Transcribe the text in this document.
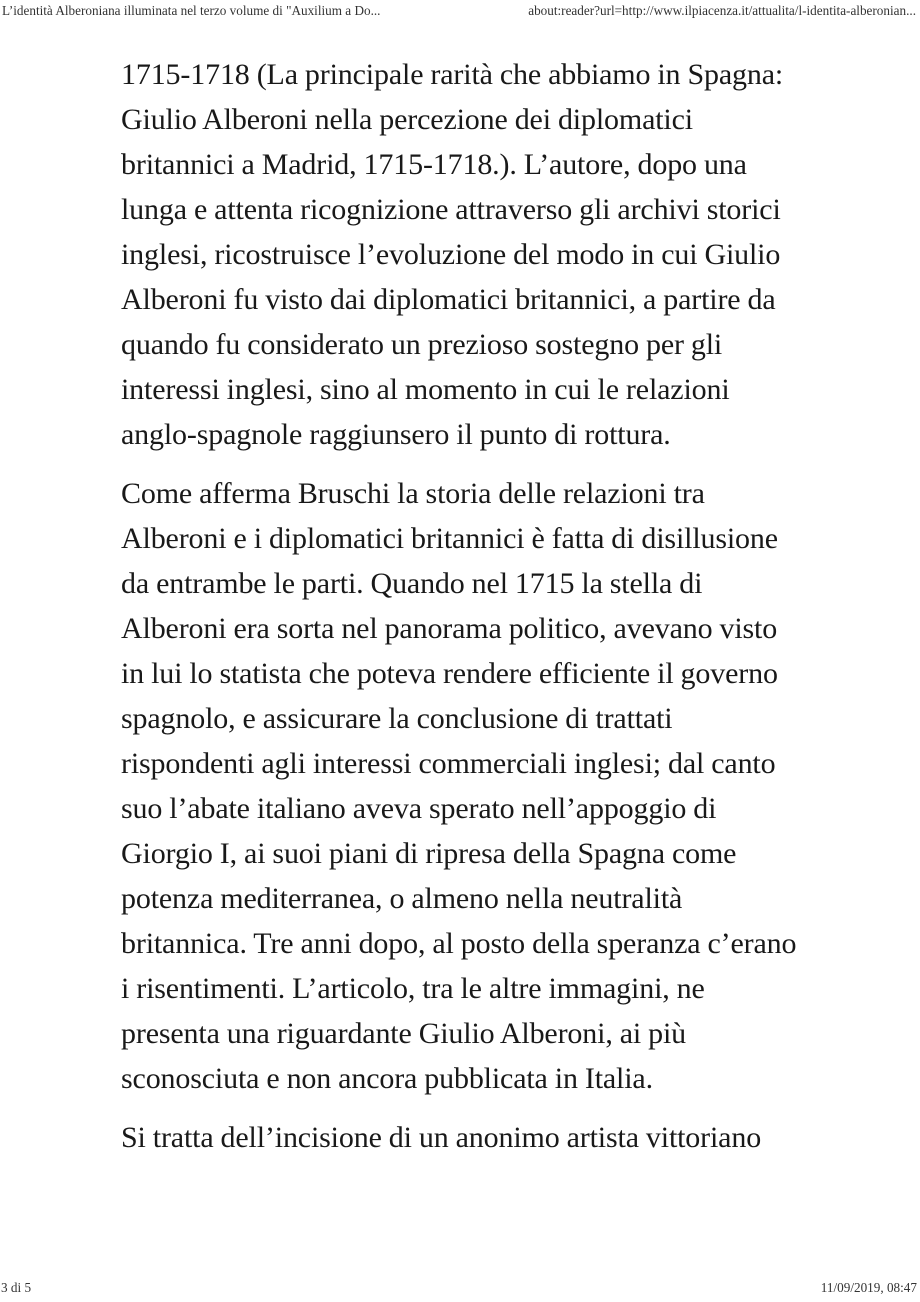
L’identità Alberoniana illuminata nel terzo volume di "Auxilium a Do...	about:reader?url=http://www.ilpiacenza.it/attualita/l-identita-alberonian...

1715-1718 (La principale rarità che abbiamo in Spagna: Giulio Alberoni nella percezione dei diplomatici britannici a Madrid, 1715-1718.). L’autore, dopo una lunga e attenta ricognizione attraverso gli archivi storici inglesi, ricostruisce l’evoluzione del modo in cui Giulio Alberoni fu visto dai diplomatici britannici, a partire da quando fu considerato un prezioso sostegno per gli interessi inglesi, sino al momento in cui le relazioni anglo-spagnole raggiunsero il punto di rottura.

Come afferma Bruschi la storia delle relazioni tra Alberoni e i diplomatici britannici è fatta di disillusione da entrambe le parti. Quando nel 1715 la stella di Alberoni era sorta nel panorama politico, avevano visto in lui lo statista che poteva rendere efficiente il governo spagnolo, e assicurare la conclusione di trattati rispondenti agli interessi commerciali inglesi; dal canto suo l’abate italiano aveva sperato nell’appoggio di Giorgio I, ai suoi piani di ripresa della Spagna come potenza mediterranea, o almeno nella neutralità britannica. Tre anni dopo, al posto della speranza c’erano i risentimenti. L’articolo, tra le altre immagini, ne presenta una riguardante Giulio Alberoni, ai più sconosciuta e non ancora pubblicata in Italia.

Si tratta dell’incisione di un anonimo artista vittoriano

3 di 5	11/09/2019, 08:47
